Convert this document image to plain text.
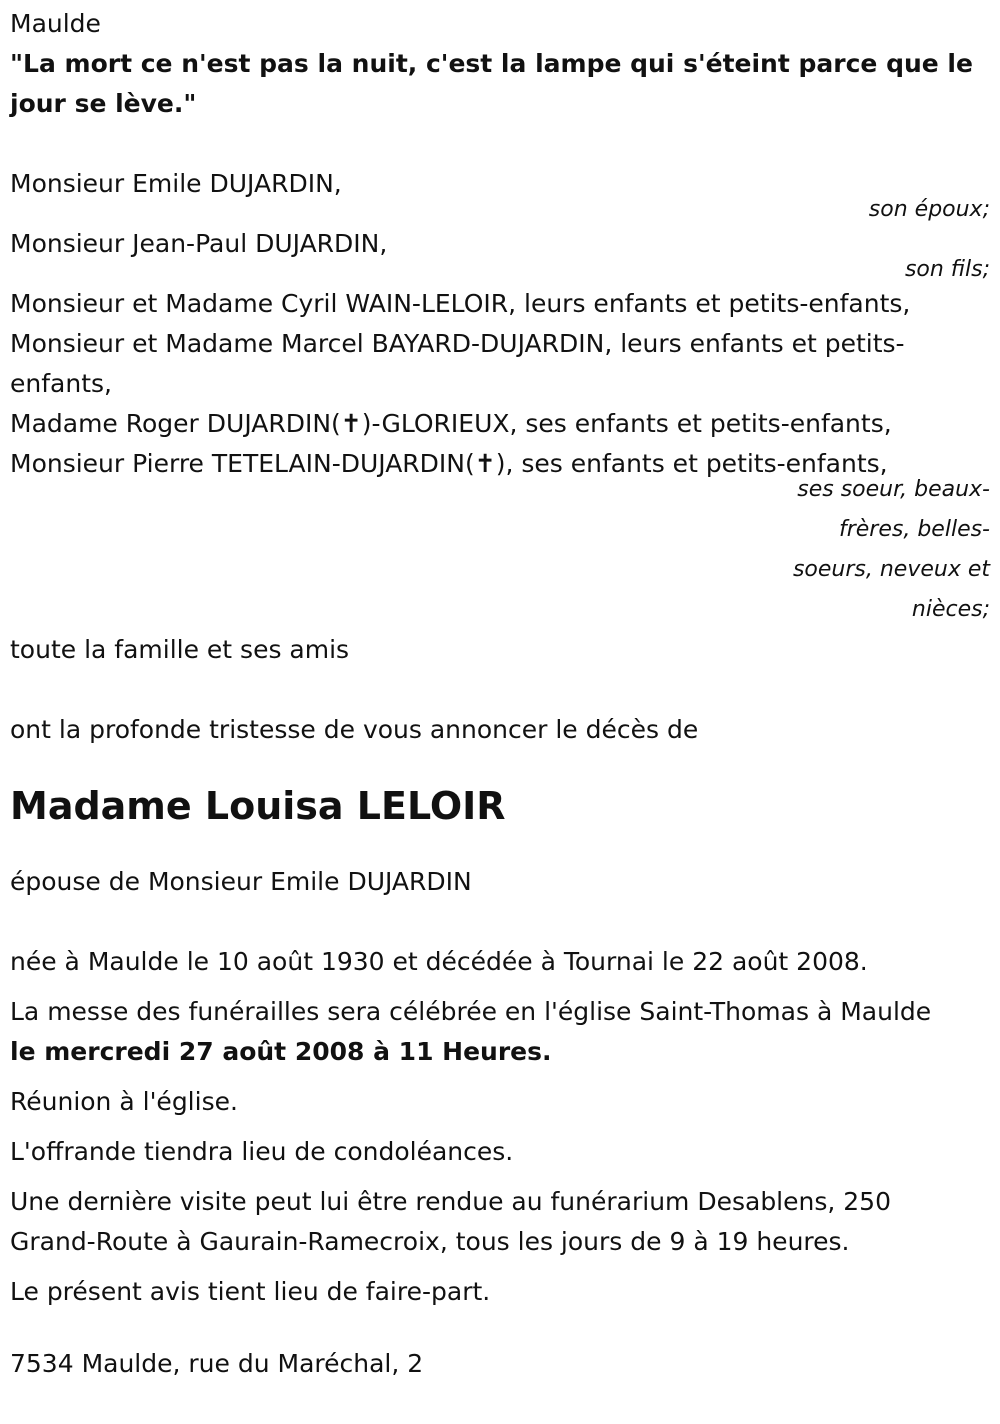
Maulde
"La mort ce n'est pas la nuit, c'est la lampe qui s'éteint parce que le jour se lève."
Monsieur Emile DUJARDIN,
son époux;
Monsieur Jean-Paul DUJARDIN,
son fils;
Monsieur et Madame Cyril WAIN-LELOIR, leurs enfants et petits-enfants,
Monsieur et Madame Marcel BAYARD-DUJARDIN, leurs enfants et petits-enfants,
Madame Roger DUJARDIN(✝)-GLORIEUX, ses enfants et petits-enfants,
Monsieur Pierre TETELAIN-DUJARDIN(✝), ses enfants et petits-enfants,
ses soeur, beaux-frères, belles-soeurs, neveux et nièces;
toute la famille et ses amis
ont la profonde tristesse de vous annoncer le décès de
Madame Louisa LELOIR
épouse de Monsieur Emile DUJARDIN
née à Maulde le 10 août 1930 et décédée à Tournai le 22 août 2008.
La messe des funérailles sera célébrée en l'église Saint-Thomas à Maulde
le mercredi 27 août 2008 à 11 Heures.
Réunion à l'église.
L'offrande tiendra lieu de condoléances.
Une dernière visite peut lui être rendue au funérarium Desablens, 250 Grand-Route à Gaurain-Ramecroix, tous les jours de 9 à 19 heures.
Le présent avis tient lieu de faire-part.
7534 Maulde, rue du Maréchal, 2
